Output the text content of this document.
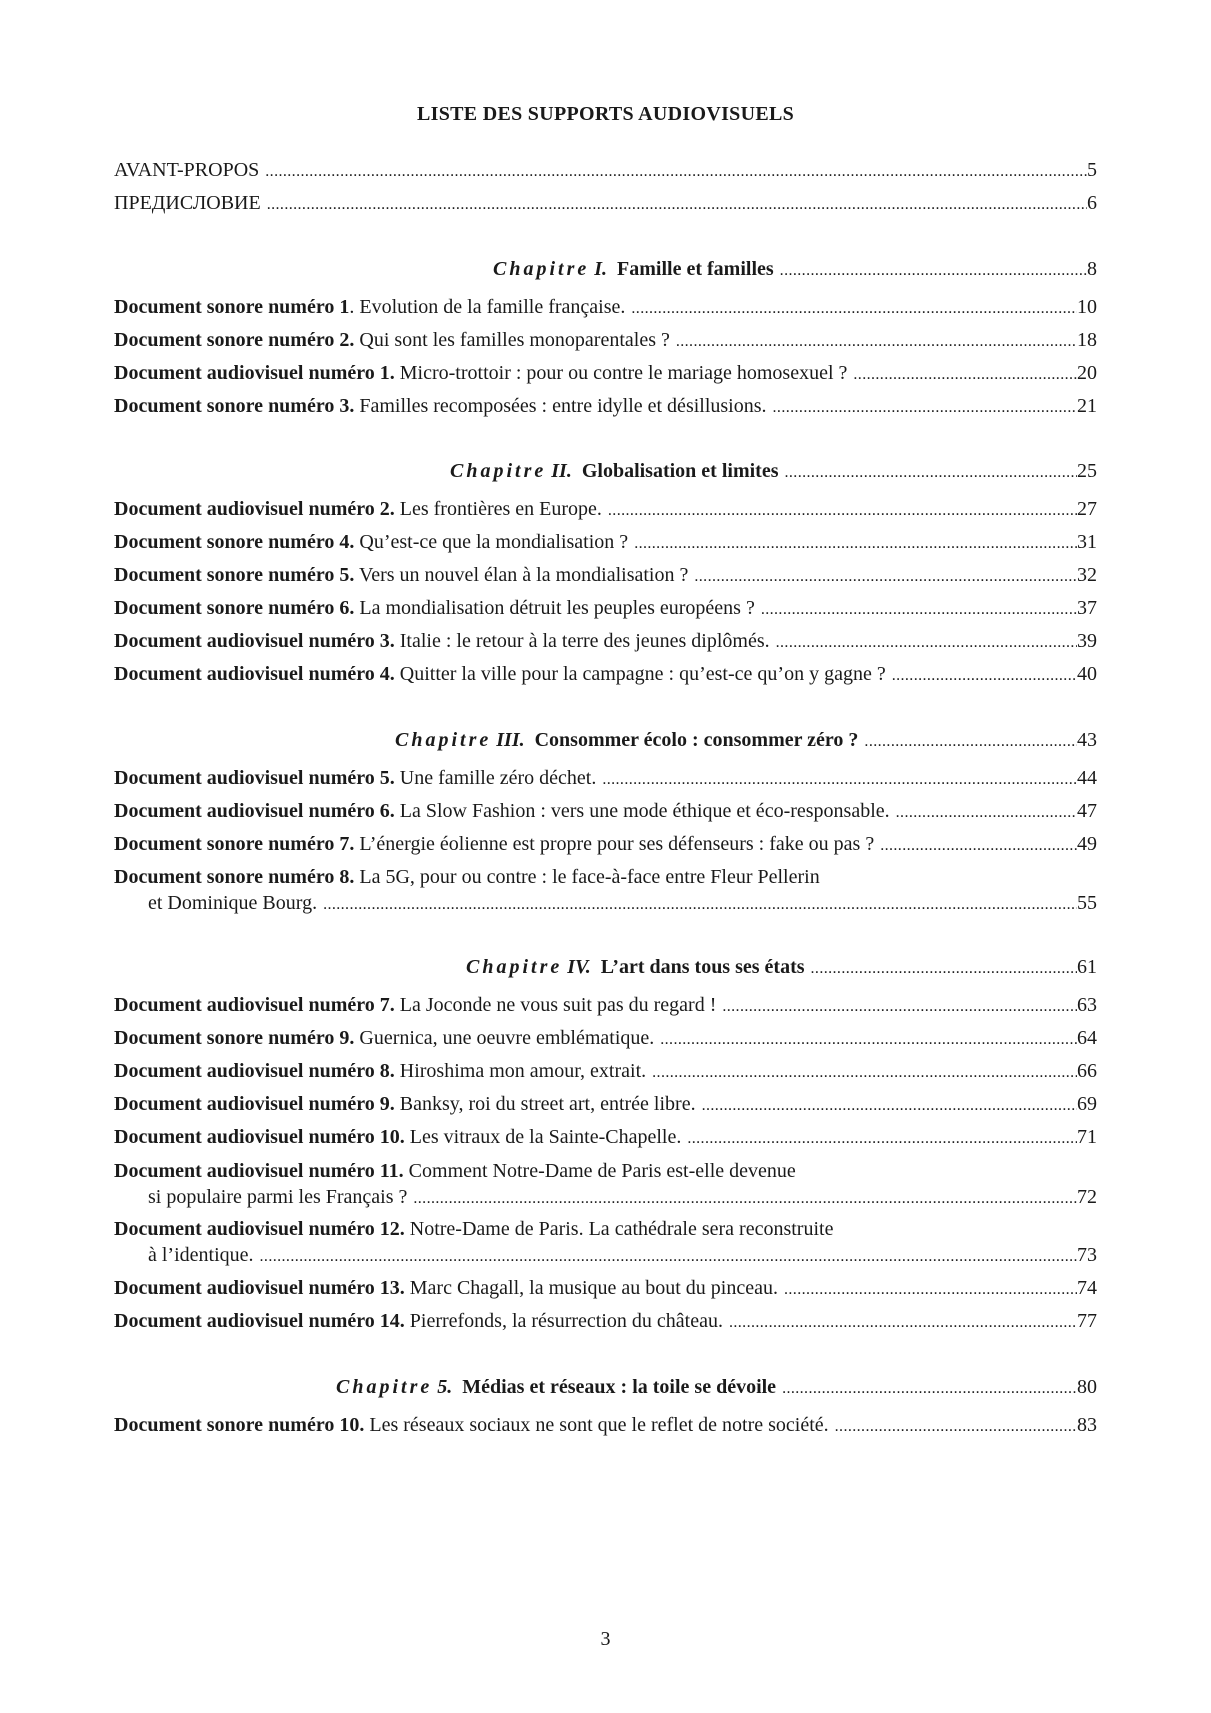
LISTE DES SUPPORTS AUDIOVISUELS
AVANT-PROPOS .....	5
ПРЕДИСЛОВИЕ .....	6
Chapitre I. Famille et familles .....	8
Document sonore numéro 1. Evolution de la famille française. .....	10
Document sonore numéro 2. Qui sont les familles monoparentales ? .....	18
Document audiovisuel numéro 1. Micro-trottoir : pour ou contre le mariage homosexuel ? .....	20
Document sonore numéro 3. Familles recomposées : entre idylle et désillusions. .....	21
Chapitre II. Globalisation et limites .....	25
Document audiovisuel numéro 2. Les frontières en Europe. .....	27
Document sonore numéro 4. Qu’est-ce que la mondialisation ? .....	31
Document sonore numéro 5. Vers un nouvel élan à la mondialisation ? .....	32
Document sonore numéro 6. La mondialisation détruit les peuples européens ? .....	37
Document audiovisuel numéro 3. Italie : le retour à la terre des jeunes diplômés. .....	39
Document audiovisuel numéro 4. Quitter la ville pour la campagne : qu’est-ce qu’on y gagne ? .....	40
Chapitre III. Consommer écolo : consommer zéro ? .....	43
Document audiovisuel numéro 5. Une famille zéro déchet. .....	44
Document audiovisuel numéro 6. La Slow Fashion : vers une mode éthique et éco-responsable. .....	47
Document sonore numéro 7. L’énergie éolienne est propre pour ses défenseurs : fake ou pas ? .....	49
Document sonore numéro 8. La 5G, pour ou contre : le face-à-face entre Fleur Pellerin
et Dominique Bourg. .....	55
Chapitre IV. L’art dans tous ses états .....	61
Document audiovisuel numéro 7. La Joconde ne vous suit pas du regard ! .....	63
Document sonore numéro 9. Guernica, une oeuvre emblématique. .....	64
Document audiovisuel numéro 8. Hiroshima mon amour, extrait. .....	66
Document audiovisuel numéro 9. Banksy, roi du street art, entrée libre. .....	69
Document audiovisuel numéro 10. Les vitraux de la Sainte-Chapelle. .....	71
Document audiovisuel numéro 11. Comment Notre-Dame de Paris est-elle devenue
si populaire parmi les Français ? .....	72
Document audiovisuel numéro 12. Notre-Dame de Paris. La cathédrale sera reconstruite
à l’identique. .....	73
Document audiovisuel numéro 13. Marc Chagall, la musique au bout du pinceau. .....	74
Document audiovisuel numéro 14. Pierrefonds, la résurrection du château. .....	77
Chapitre 5. Médias et réseaux : la toile se dévoile .....	80
Document sonore numéro 10. Les réseaux sociaux ne sont que le reflet de notre société. .....	83
3
